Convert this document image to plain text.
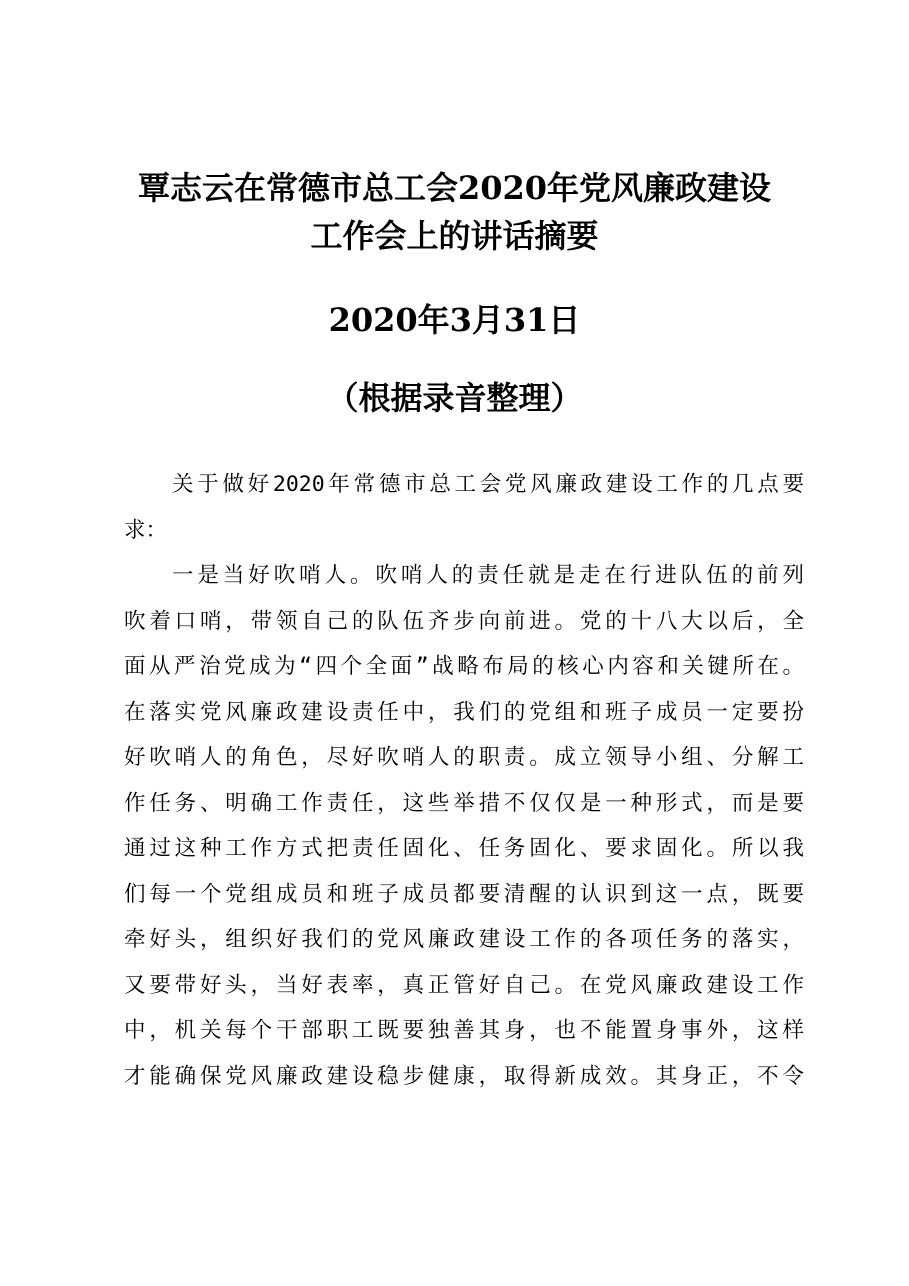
覃志云在常德市总工会2020年党风廉政建设
工作会上的讲话摘要
2020年3月31日
（根据录音整理）
关于做好2020年常德市总工会党风廉政建设工作的几点要
求：
一是当好吹哨人。吹哨人的责任就是走在行进队伍的前列
吹着口哨，带领自己的队伍齐步向前进。党的十八大以后，全
面从严治党成为“四个全面”战略布局的核心内容和关键所在。
在落实党风廉政建设责任中，我们的党组和班子成员一定要扮
好吹哨人的角色，尽好吹哨人的职责。成立领导小组、分解工
作任务、明确工作责任，这些举措不仅仅是一种形式，而是要
通过这种工作方式把责任固化、任务固化、要求固化。所以我
们每一个党组成员和班子成员都要清醒的认识到这一点，既要
牵好头，组织好我们的党风廉政建设工作的各项任务的落实，
又要带好头，当好表率，真正管好自己。在党风廉政建设工作
中，机关每个干部职工既要独善其身，也不能置身事外，这样
才能确保党风廉政建设稳步健康，取得新成效。其身正，不令
